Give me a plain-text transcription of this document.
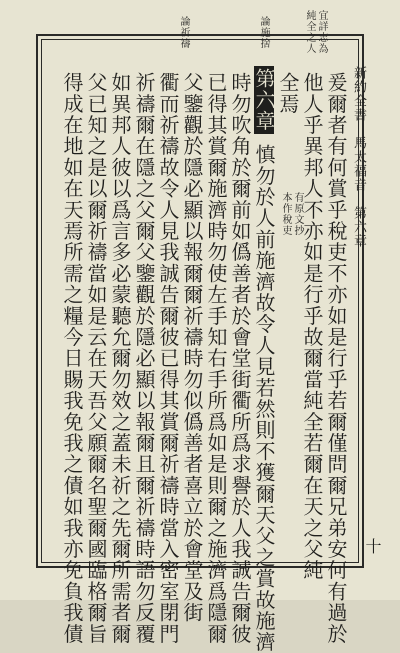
新約全書　馬太福音　第六章
十
論施捨
論祈禱	宜詳志為
純全之人
爰爾者有何賞乎稅吏不亦如是行乎若爾僅問爾兄弟安何有過於
他人乎異邦人不亦如是行乎故爾當純全若爾在天之父純
全焉
第六章
慎勿於人前施濟故令人見若然則不獲爾天父之賞故施濟
時勿吹角於爾前如僞善者於會堂街衢所爲求譽於人我誠告爾彼
已得其賞爾施濟時勿使左手知右手所爲如是則爾之施濟爲隱爾
父鑒觀於隱必顯以報爾爾祈禱時勿似僞善者喜立於會堂及街
衢而祈禱故令人見我誠告爾彼已得其賞爾祈禱時當入密室閉門
祈禱爾在隱之父爾父鑒觀於隱必顯以報爾且爾祈禱時語勿反覆
如異邦人彼以爲言多必蒙聽允爾勿效之蓋未祈之先爾所需者爾
父已知之是以爾祈禱當如是云在天吾父願爾名聖爾國臨格爾旨
得成在地如在天焉所需之糧今日賜我免我之債如我亦免負我債	有原文抄
本作稅吏
